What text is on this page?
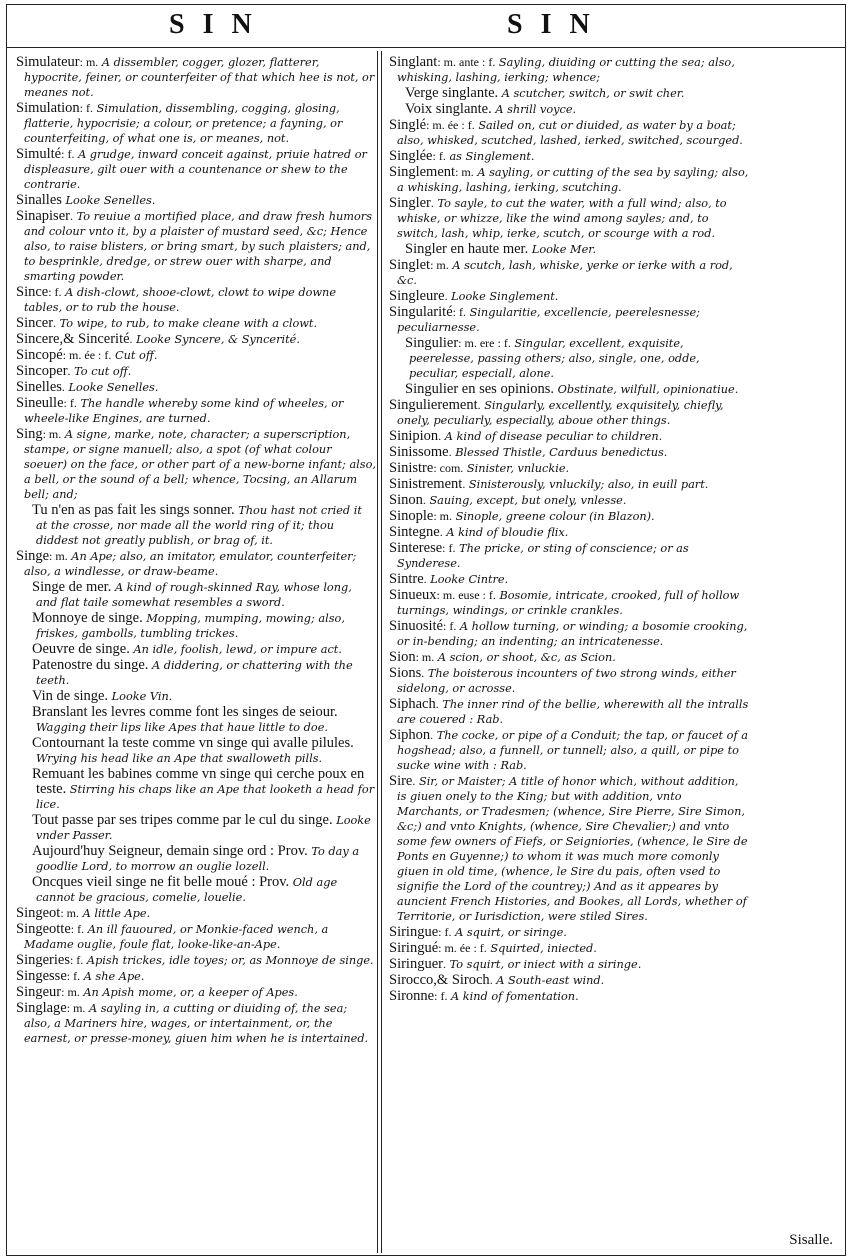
SIN	SIN
Simulateur: m. A dissembler, cogger, glozer, flatterer, hypocrite, feiner, or counterfeiter of that which hee is not, or meanes not.
Simulation: f. Simulation, dissembling, cogging, glosing, flatterie, hypocrisie; a colour, or pretence; a fayning, or counterfeiting, of what one is, or meanes, not.
Simulté: f. A grudge, inward conceit against, priuie hatred or displeasure, gilt ouer with a countenance or shew to the contrarie.
Sinalles Looke Senelles.
Sinapiser. To reuiue a mortified place, and draw fresh humors and colour vnto it, by a plaister of mustard seed, &c; Hence also, to raise blisters, or bring smart, by such plaisters; and, to besprinkle, dredge, or strew ouer with sharpe, and smarting powder.
Since: f. A dish-clowt, shooe-clowt, clowt to wipe downe tables, or to rub the house.
Sincer. To wipe, to rub, to make cleane with a clowt.
Sincere,& Sincerité. Looke Syncere, & Syncerité.
Sincopé: m. ée : f. Cut off.
Sincoper. To cut off.
Sinelles. Looke Senelles.
Sineulle: f. The handle whereby some kind of wheeles, or wheele-like Engines, are turned.
Sing: m. A signe, marke, note, character; a superscription, stampe, or signe manuell; also, a spot (of what colour soeuer) on the face, or other part of a new-borne infant; also, a bell, or the sound of a bell; whence, Tocsing, an Allarum bell; and;
Tu n'en as pas fait les sings sonner. Thou hast not cried it at the crosse, nor made all the world ring of it; thou diddest not greatly publish, or brag of, it.
Singe: m. An Ape; also, an imitator, emulator, counterfeiter; also, a windlesse, or draw-beame.
Singe de mer. A kind of rough-skinned Ray, whose long, and flat taile somewhat resembles a sword.
Monnoye de singe. Mopping, mumping, mowing; also, friskes, gambolls, tumbling trickes.
Oeuvre de singe. An idle, foolish, lewd, or impure act.
Patenostre du singe. A diddering, or chattering with the teeth.
Vin de singe. Looke Vin.
Branslant les levres comme font les singes de seiour. Wagging their lips like Apes that haue little to doe.
Contournant la teste comme vn singe qui avalle pilules. Wrying his head like an Ape that swalloweth pills.
Remuant les babines comme vn singe qui cerche poux en teste. Stirring his chaps like an Ape that looketh a head for lice.
Tout passe par ses tripes comme par le cul du singe. Looke vnder Passer.
Aujourd'huy Seigneur, demain singe ord : Prov. To day a goodlie Lord, to morrow an ouglie lozell.
Oncques vieil singe ne fit belle moué : Prov. Old age cannot be gracious, comelie, louelie.
Singeot: m. A little Ape.
Singeotte: f. An ill fauoured, or Monkie-faced wench, a Madame ouglie, foule flat, looke-like-an-Ape.
Singeries: f. Apish trickes, idle toyes; or, as Monnoye de singe.
Singesse: f. A she Ape.
Singeur: m. An Apish mome, or, a keeper of Apes.
Singlage: m. A sayling in, a cutting or diuiding of, the sea; also, a Mariners hire, wages, or intertainment, or, the earnest, or presse-money, giuen him when he is intertained.
Singlant: m. ante : f. Sayling, diuiding or cutting the sea; also, whisking, lashing, ierking; whence;
Verge singlante. A scutcher, switch, or swit cher.
Voix singlante. A shrill voyce.
Singlé: m. ée : f. Sailed on, cut or diuided, as water by a boat; also, whisked, scutched, lashed, ierked, switched, scourged.
Singlée: f. as Singlement.
Singlement: m. A sayling, or cutting of the sea by sayling; also, a whisking, lashing, ierking, scutching.
Singler. To sayle, to cut the water, with a full wind; also, to whiske, or whizze, like the wind among sayles; and, to switch, lash, whip, ierke, scutch, or scourge with a rod.
Singler en haute mer. Looke Mer.
Singlet: m. A scutch, lash, whiske, yerke or ierke with a rod, &c.
Singleure. Looke Singlement.
Singularité: f. Singularitie, excellencie, peerelesnesse; peculiarnesse.
Singulier: m. ere : f. Singular, excellent, exquisite, peerelesse, passing others; also, single, one, odde, peculiar, especiall, alone.
Singulier en ses opinions. Obstinate, wilfull, opinionatiue.
Singulierement. Singularly, excellently, exquisitely, chiefly, onely, peculiarly, especially, aboue other things.
Sinipion. A kind of disease peculiar to children.
Sinissome. Blessed Thistle, Carduus benedictus.
Sinistre: com. Sinister, vnluckie.
Sinistrement. Sinisterously, vnluckily; also, in euill part.
Sinon. Sauing, except, but onely, vnlesse.
Sinople: m. Sinople, greene colour (in Blazon).
Sintegne. A kind of bloudie flix.
Sinterese: f. The pricke, or sting of conscience; or as Synderese.
Sintre. Looke Cintre.
Sinueux: m. euse : f. Bosomie, intricate, crooked, full of hollow turnings, windings, or crinkle crankles.
Sinuosité: f. A hollow turning, or winding; a bosomie crooking, or in-bending; an indenting; an intricatenesse.
Sion: m. A scion, or shoot, &c, as Scion.
Sions. The boisterous incounters of two strong winds, either sidelong, or acrosse.
Siphach. The inner rind of the bellie, wherewith all the intralls are couered : Rab.
Siphon. The cocke, or pipe of a Conduit; the tap, or faucet of a hogshead; also, a funnell, or tunnell; also, a quill, or pipe to sucke wine with : Rab.
Sire. Sir, or Maister; A title of honor which, without addition, is giuen onely to the King; but with addition, vnto Marchants, or Tradesmen; (whence, Sire Pierre, Sire Simon, &c;) and vnto Knights, (whence, Sire Chevalier;) and vnto some few owners of Fiefs, or Seigniories, (whence, le Sire de Ponts en Guyenne;) to whom it was much more comonly giuen in old time, (whence, le Sire du pais, often vsed to signifie the Lord of the countrey;) And as it appeares by auncient French Histories, and Bookes, all Lords, whether of Territorie, or Iurisdiction, were stiled Sires.
Siringue: f. A squirt, or siringe.
Siringué: m. ée : f. Squirted, iniected.
Siringuer. To squirt, or iniect with a siringe.
Sirocco,& Siroch. A South-east wind.
Sironne: f. A kind of fomentation.
Sisalle.
